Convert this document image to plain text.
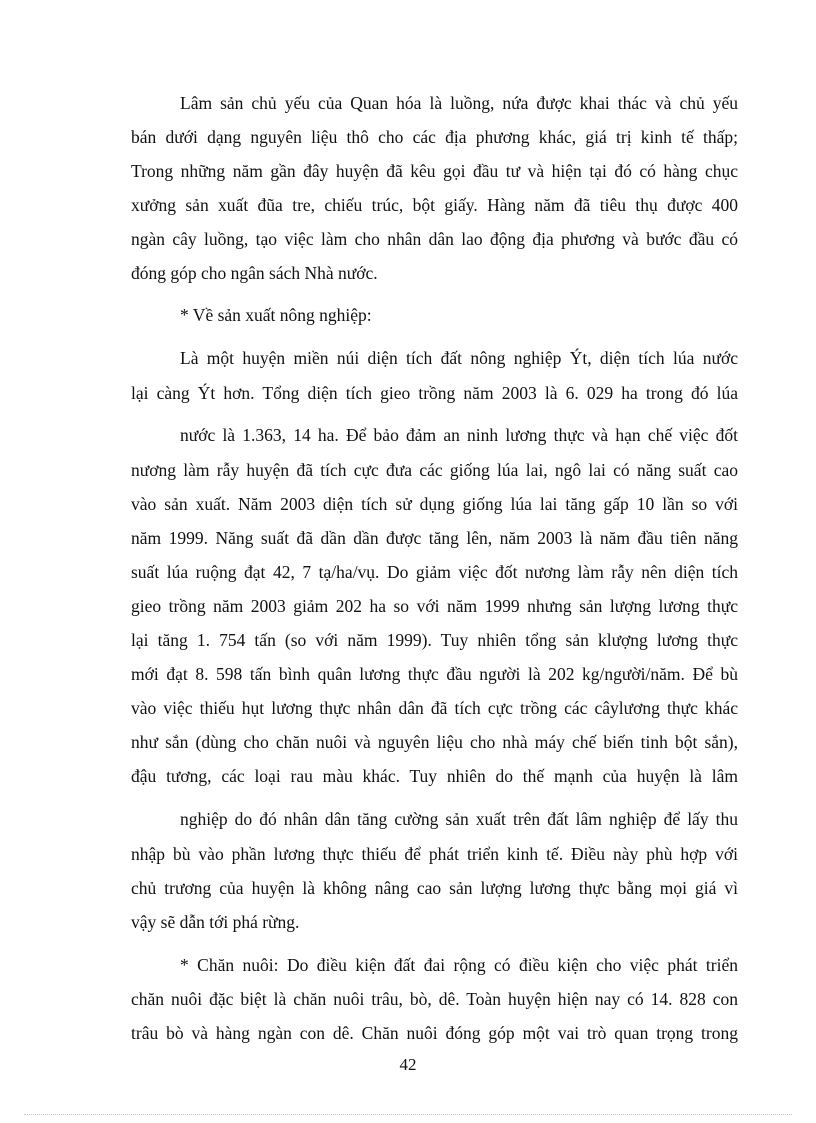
Lâm sản chủ yếu của Quan hóa là luồng, nứa được khai thác và chủ yếu
bán dưới dạng nguyên liệu thô cho các địa phương khác, giá trị kinh tế thấp;
Trong những năm gần đây huyện đã kêu gọi đầu tư và hiện tại đó có hàng chục
xưởng sản xuất đũa tre, chiếu trúc, bột giấy. Hàng năm đã tiêu thụ được 400
ngàn cây luồng, tạo việc làm cho nhân dân lao động địa phương và bước đầu có
đóng góp cho ngân sách Nhà nước.
* Về sản xuất nông nghiệp:
Là một huyện miền núi diện tích đất nông nghiệp Ýt, diện tích lúa nước
lại càng Ýt hơn. Tổng diện tích gieo trồng năm 2003 là 6. 029 ha trong đó lúa
nước là 1.363, 14 ha. Để bảo đảm an ninh lương thực và hạn chế việc đốt
nương làm rẫy huyện đã tích cực đưa các giống lúa lai, ngô lai có năng suất cao
vào sản xuất. Năm 2003 diện tích sử dụng giống lúa lai tăng gấp 10 lần so với
năm 1999. Năng suất đã dần dần được tăng lên, năm 2003 là năm đầu tiên năng
suất lúa ruộng đạt 42, 7 tạ/ha/vụ. Do giảm việc đốt nương làm rẫy nên diện tích
gieo trồng năm 2003 giảm 202 ha so với năm 1999 nhưng sản lượng lương thực
lại tăng 1. 754 tấn (so với năm 1999). Tuy nhiên tổng sản klượng lương thực
mới đạt 8. 598 tấn bình quân lương thực đầu người là 202 kg/người/năm. Để bù
vào việc thiếu hụt lương thực nhân dân đã tích cực trồng các câylương thực khác
như sắn (dùng cho chăn nuôi và nguyên liệu cho nhà máy chế biến tinh bột sắn),
đậu tương, các loại rau màu khác. Tuy nhiên do thế mạnh của huyện là lâm
nghiệp do đó nhân dân tăng cường sản xuất trên đất lâm nghiệp để lấy thu
nhập bù vào phần lương thực thiếu để phát triển kinh tế. Điều này phù hợp với
chủ trương của huyện là không nâng cao sản lượng lương thực bằng mọi giá vì
vậy sẽ dẫn tới phá rừng.
* Chăn nuôi: Do điều kiện đất đai rộng có điều kiện cho việc phát triển
chăn nuôi đặc biệt là chăn nuôi trâu, bò, dê. Toàn huyện hiện nay có 14. 828 con
trâu bò và hàng ngàn con dê. Chăn nuôi đóng góp một vai trò quan trọng trong
42
